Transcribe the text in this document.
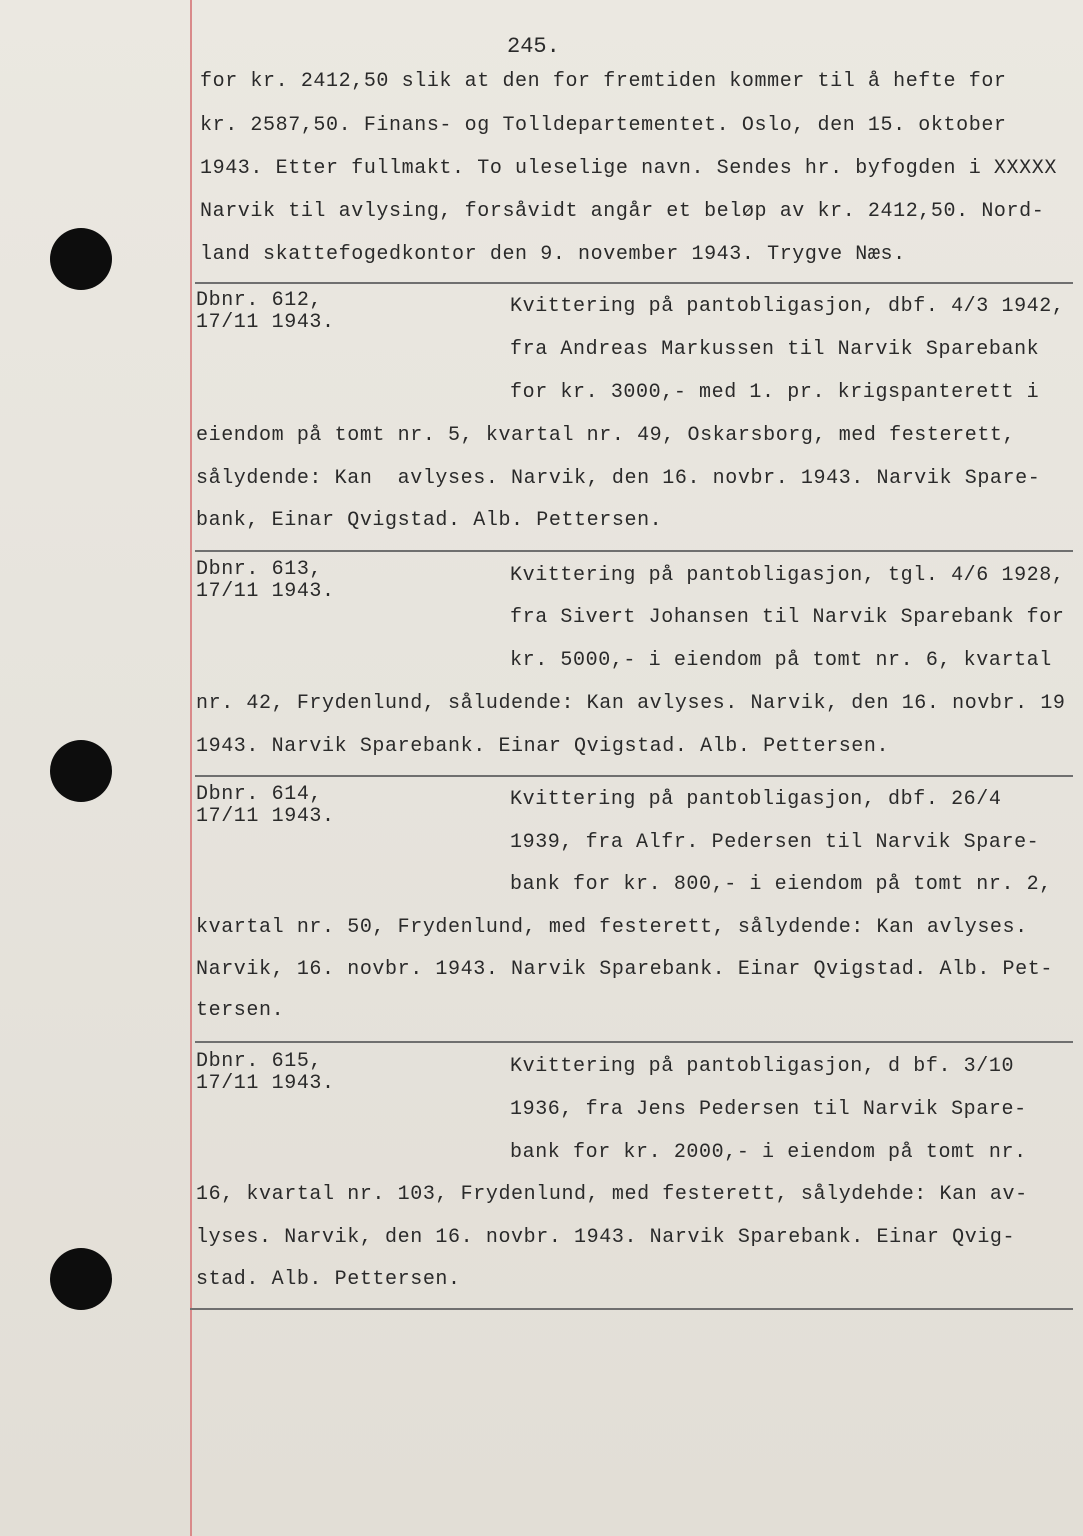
245.
for kr. 2412,50 slik at den for fremtiden kommer til å hefte for
kr. 2587,50. Finans- og Tolldepartementet. Oslo, den 15. oktober
1943. Etter fullmakt. To uleselige navn. Sendes hr. byfogden i XXXXX
Narvik til avlysing, forsåvidt angår et beløp av kr. 2412,50. Nord-
land skattefogedkontor den 9. november 1943. Trygve Næs.
Dbnr. 612,
17/11 1943.
Kvittering på pantobligasjon, dbf. 4/3 1942,
fra Andreas Markussen til Narvik Sparebank
for kr. 3000,- med 1. pr. krigspanterett i
eiendom på tomt nr. 5, kvartal nr. 49, Oskarsborg, med festerett,
sålydende: Kan  avlyses. Narvik, den 16. novbr. 1943. Narvik Spare-
bank, Einar Qvigstad. Alb. Pettersen.
Dbnr. 613,
17/11 1943.
Kvittering på pantobligasjon, tgl. 4/6 1928,
fra Sivert Johansen til Narvik Sparebank for
kr. 5000,- i eiendom på tomt nr. 6, kvartal
nr. 42, Frydenlund, såludende: Kan avlyses. Narvik, den 16. novbr. 19
1943. Narvik Sparebank. Einar Qvigstad. Alb. Pettersen.
Dbnr. 614,
17/11 1943.
Kvittering på pantobligasjon, dbf. 26/4
1939, fra Alfr. Pedersen til Narvik Spare-
bank for kr. 800,- i eiendom på tomt nr. 2,
kvartal nr. 50, Frydenlund, med festerett, sålydende: Kan avlyses.
Narvik, 16. novbr. 1943. Narvik Sparebank. Einar Qvigstad. Alb. Pet-
tersen.
Dbnr. 615,
17/11 1943.
Kvittering på pantobligasjon, d bf. 3/10
1936, fra Jens Pedersen til Narvik Spare-
bank for kr. 2000,- i eiendom på tomt nr.
16, kvartal nr. 103, Frydenlund, med festerett, sålydehde: Kan av-
lyses. Narvik, den 16. novbr. 1943. Narvik Sparebank. Einar Qvig-
stad. Alb. Pettersen.
